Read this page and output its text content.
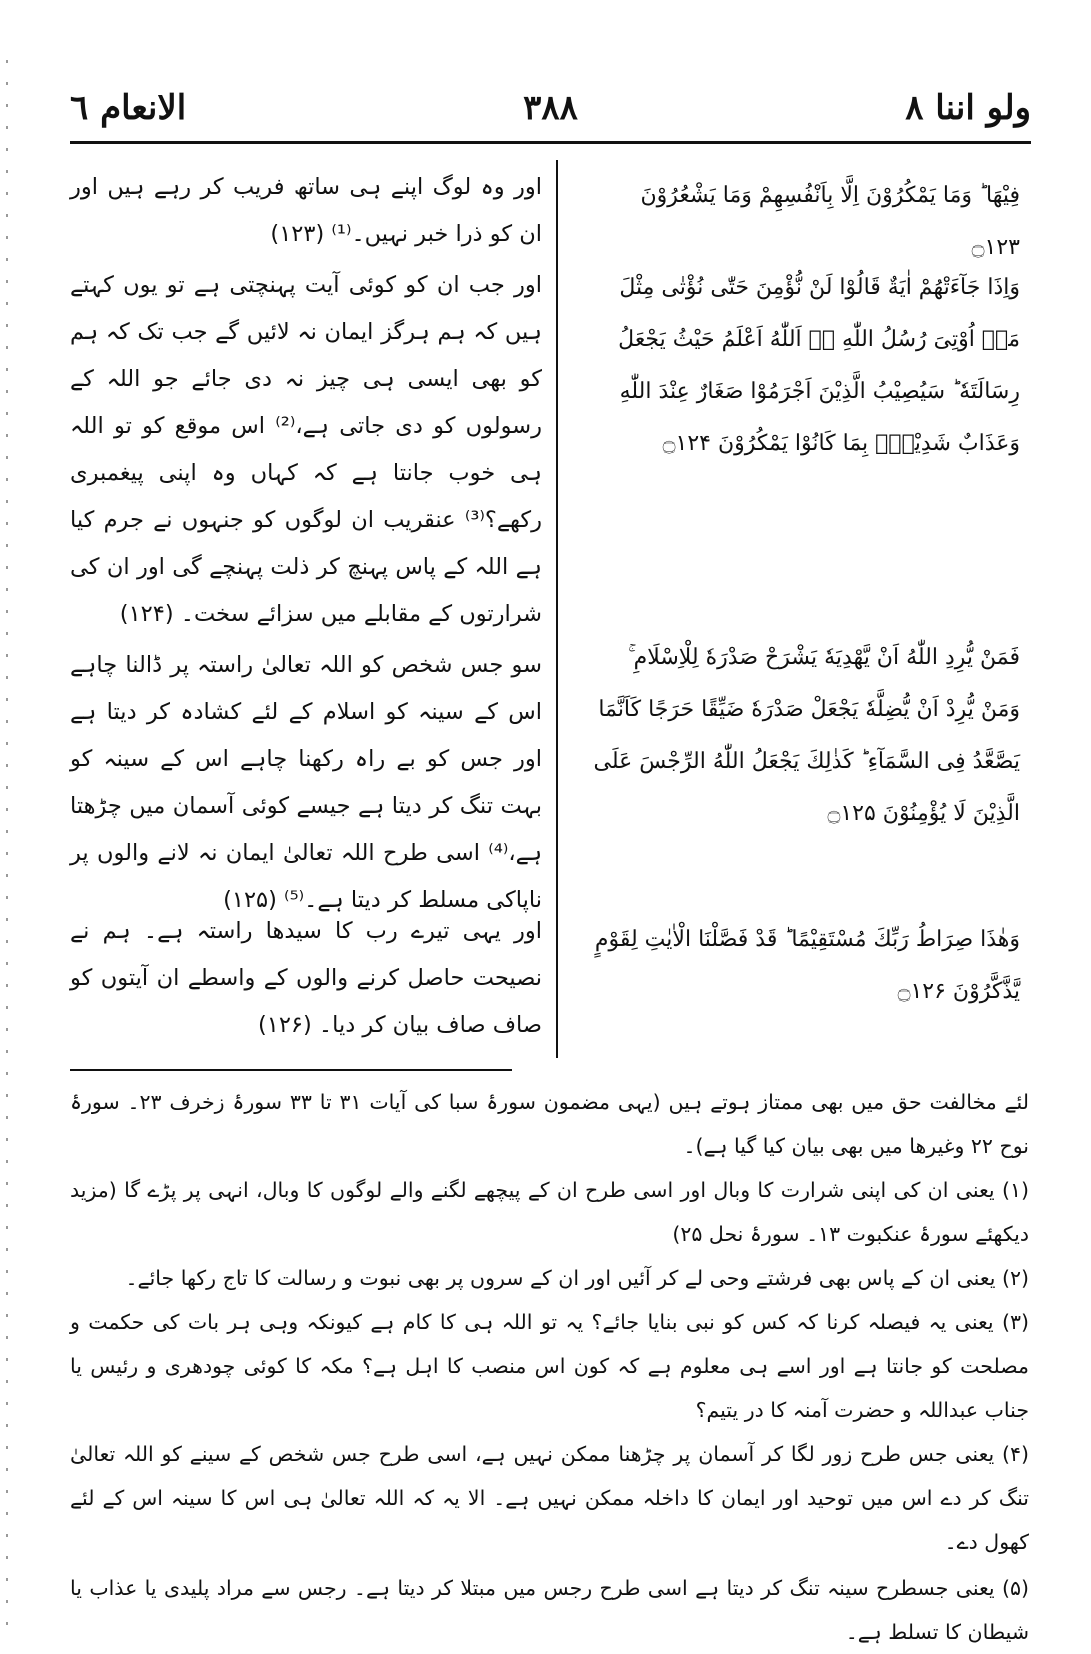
الانعام ٦	۳۸۸	ولو اننا ٨
فِیْهَا ؕ وَمَا یَمْكُرُوْنَ اِلَّا بِاَنْفُسِهِمْ وَمَا یَشْعُرُوْنَ ۝۱۲۳
وَاِذَا جَآءَتْهُمْ اٰیَةٌ قَالُوْا لَنْ نُّؤْمِنَ حَتّٰی نُؤْتٰی مِثْلَ مَاۤ اُوْتِیَ رُسُلُ اللّٰهِ ؔؕ اَللّٰهُ اَعْلَمُ حَیْثُ یَجْعَلُ رِسَالَتَهٗ ؕ سَیُصِیْبُ الَّذِیْنَ اَجْرَمُوْا صَغَارٌ عِنْدَ اللّٰهِ وَعَذَابٌ شَدِیْدٌۢ بِمَا كَانُوْا یَمْكُرُوْنَ ۝۱۲۴
فَمَنْ یُّرِدِ اللّٰهُ اَنْ یَّهْدِیَهٗ یَشْرَحْ صَدْرَهٗ لِلْاِسْلَامِ ۚ وَمَنْ یُّرِدْ اَنْ یُّضِلَّهٗ یَجْعَلْ صَدْرَهٗ ضَیِّقًا حَرَجًا كَاَنَّمَا یَصَّعَّدُ فِی السَّمَآءِ ؕ كَذٰلِكَ یَجْعَلُ اللّٰهُ الرِّجْسَ عَلَی الَّذِیْنَ لَا یُؤْمِنُوْنَ ۝۱۲۵
وَهٰذَا صِرَاطُ رَبِّكَ مُسْتَقِیْمًا ؕ قَدْ فَصَّلْنَا الْاٰیٰتِ لِقَوْمٍ یَّذَّكَّرُوْنَ ۝۱۲۶
اور وہ لوگ اپنے ہی ساتھ فریب کر رہے ہیں اور ان کو ذرا خبر نہیں۔⁽¹⁾ (۱۲۳)
اور جب ان کو کوئی آیت پہنچتی ہے تو یوں کہتے ہیں کہ ہم ہرگز ایمان نہ لائیں گے جب تک کہ ہم کو بھی ایسی ہی چیز نہ دی جائے جو اللہ کے رسولوں کو دی جاتی ہے،⁽²⁾ اس موقع کو تو اللہ ہی خوب جانتا ہے کہ کہاں وہ اپنی پیغمبری رکھے؟⁽³⁾ عنقریب ان لوگوں کو جنہوں نے جرم کیا ہے اللہ کے پاس پہنچ کر ذلت پہنچے گی اور ان کی شرارتوں کے مقابلے میں سزائے سخت۔ (۱۲۴)
سو جس شخص کو اللہ تعالیٰ راستہ پر ڈالنا چاہے اس کے سینہ کو اسلام کے لئے کشادہ کر دیتا ہے اور جس کو بے راہ رکھنا چاہے اس کے سینہ کو بہت تنگ کر دیتا ہے جیسے کوئی آسمان میں چڑھتا ہے،⁽⁴⁾ اسی طرح اللہ تعالیٰ ایمان نہ لانے والوں پر ناپاکی مسلط کر دیتا ہے۔⁽⁵⁾ (۱۲۵)
اور یہی تیرے رب کا سیدھا راستہ ہے۔ ہم نے نصیحت حاصل کرنے والوں کے واسطے ان آیتوں کو صاف صاف بیان کر دیا۔ (۱۲۶)
لئے مخالفت حق میں بھی ممتاز ہوتے ہیں (یہی مضمون سورۂ سبا کی آیات ۳۱ تا ۳۳ سورۂ زخرف ۲۳۔ سورۂ نوح ۲۲ وغیرھا میں بھی بیان کیا گیا ہے)۔
(۱) یعنی ان کی اپنی شرارت کا وبال اور اسی طرح ان کے پیچھے لگنے والے لوگوں کا وبال، انہی پر پڑے گا (مزید دیکھئے سورۂ عنکبوت ۱۳۔ سورۂ نحل ۲۵)
(۲) یعنی ان کے پاس بھی فرشتے وحی لے کر آئیں اور ان کے سروں پر بھی نبوت و رسالت کا تاج رکھا جائے۔
(۳) یعنی یہ فیصلہ کرنا کہ کس کو نبی بنایا جائے؟ یہ تو اللہ ہی کا کام ہے کیونکہ وہی ہر بات کی حکمت و مصلحت کو جانتا ہے اور اسے ہی معلوم ہے کہ کون اس منصب کا اہل ہے؟ مکہ کا کوئی چودھری و رئیس یا جناب عبداللہ و حضرت آمنہ کا در یتیم؟
(۴) یعنی جس طرح زور لگا کر آسمان پر چڑھنا ممکن نہیں ہے، اسی طرح جس شخص کے سینے کو اللہ تعالیٰ تنگ کر دے اس میں توحید اور ایمان کا داخلہ ممکن نہیں ہے۔ الا یہ کہ اللہ تعالیٰ ہی اس کا سینہ اس کے لئے کھول دے۔
(۵) یعنی جسطرح سینہ تنگ کر دیتا ہے اسی طرح رجس میں مبتلا کر دیتا ہے۔ رجس سے مراد پلیدی یا عذاب یا شیطان کا تسلط ہے۔
